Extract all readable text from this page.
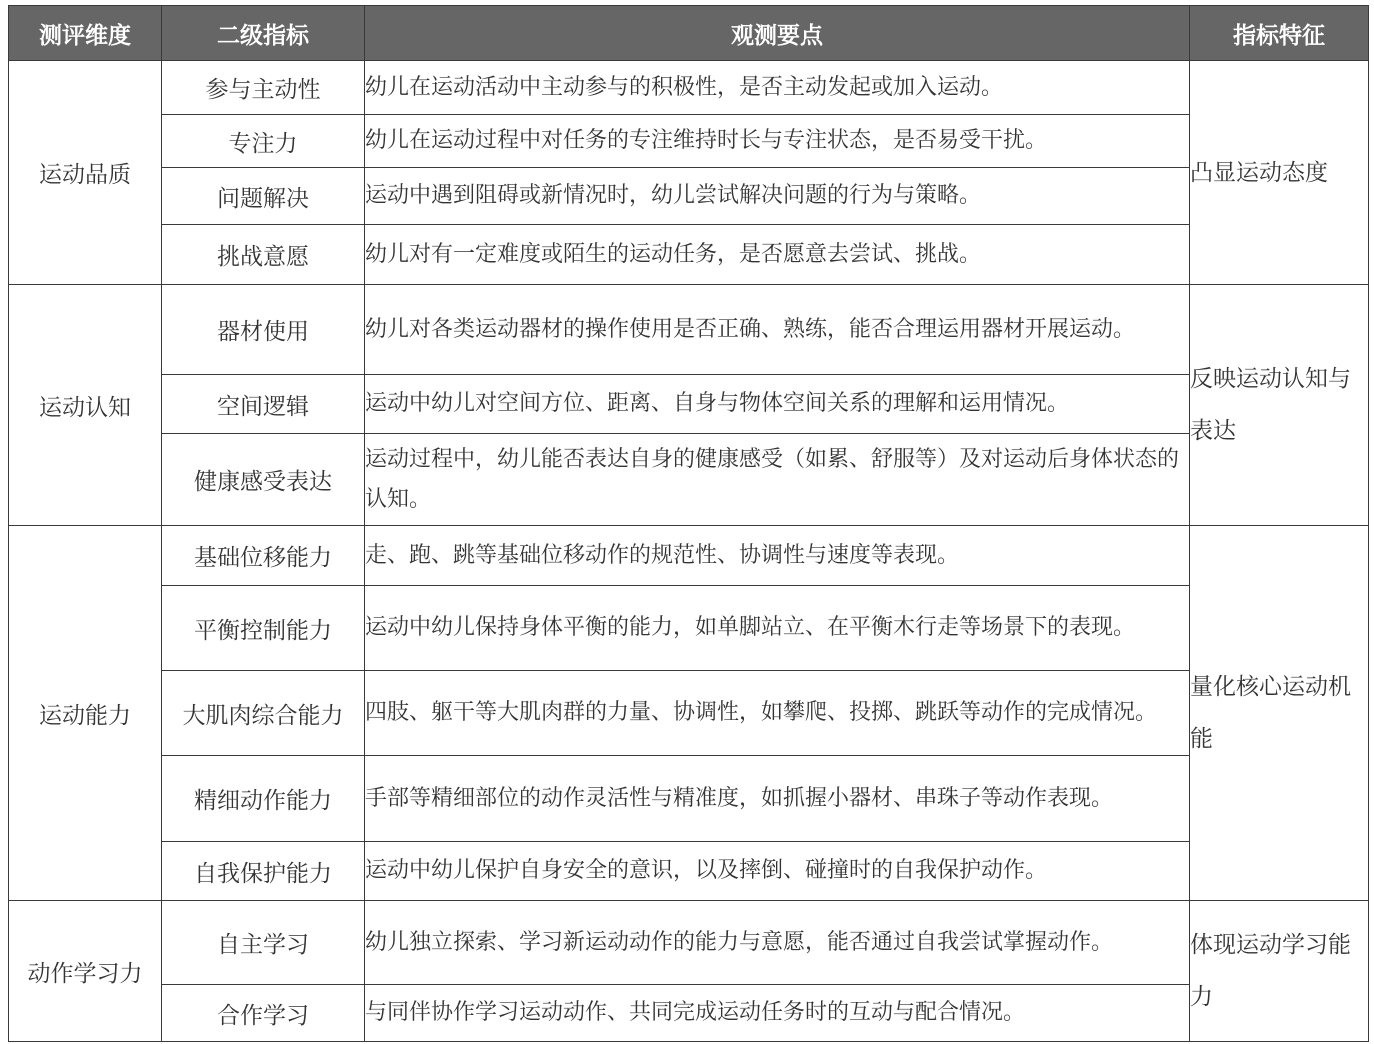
测评维度	二级指标	观测要点	指标特征
运动品质	参与主动性	幼儿在运动活动中主动参与的积极性，是否主动发起或加入运动。	凸显运动态度
	专注力	幼儿在运动过程中对任务的专注维持时长与专注状态，是否易受干扰。	
	问题解决	运动中遇到阻碍或新情况时，幼儿尝试解决问题的行为与策略。	
	挑战意愿	幼儿对有一定难度或陌生的运动任务，是否愿意去尝试、挑战。	
运动认知	器材使用	幼儿对各类运动器材的操作使用是否正确、熟练，能否合理运用器材开展运动。	反映运动认知与表达
	空间逻辑	运动中幼儿对空间方位、距离、自身与物体空间关系的理解和运用情况。	
	健康感受表达	运动过程中，幼儿能否表达自身的健康感受（如累、舒服等）及对运动后身体状态的认知。	
运动能力	基础位移能力	走、跑、跳等基础位移动作的规范性、协调性与速度等表现。	量化核心运动机能
	平衡控制能力	运动中幼儿保持身体平衡的能力，如单脚站立、在平衡木行走等场景下的表现。	
	大肌肉综合能力	四肢、躯干等大肌肉群的力量、协调性，如攀爬、投掷、跳跃等动作的完成情况。	
	精细动作能力	手部等精细部位的动作灵活性与精准度，如抓握小器材、串珠子等动作表现。	
	自我保护能力	运动中幼儿保护自身安全的意识，以及摔倒、碰撞时的自我保护动作。	
动作学习力	自主学习	幼儿独立探索、学习新运动动作的能力与意愿，能否通过自我尝试掌握动作。	体现运动学习能力
	合作学习	与同伴协作学习运动动作、共同完成运动任务时的互动与配合情况。	
